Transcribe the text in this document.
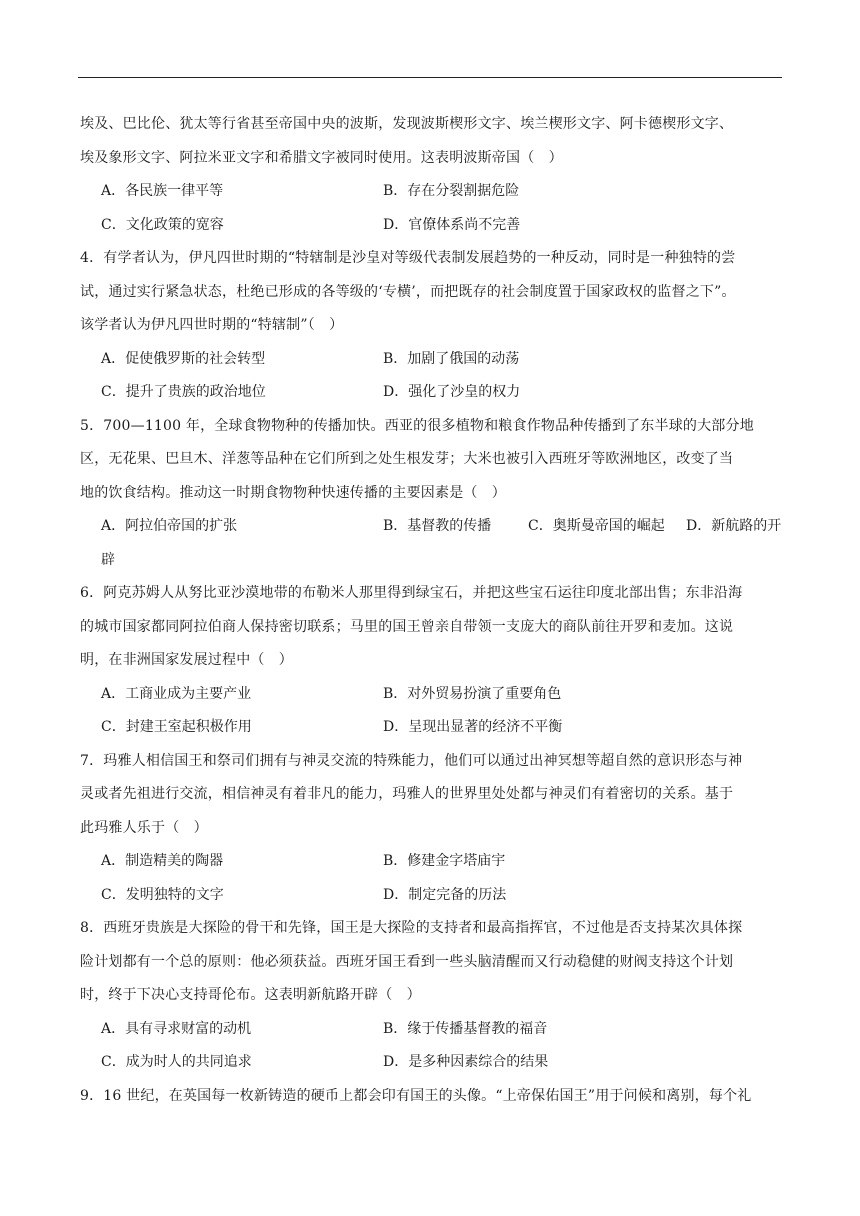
埃及、巴比伦、犹太等行省甚至帝国中央的波斯，发现波斯楔形文字、埃兰楔形文字、阿卡德楔形文字、

埃及象形文字、阿拉米亚文字和希腊文字被同时使用。这表明波斯帝国（　）

A．各民族一律平等	B．存在分裂割据危险
C．文化政策的宽容	D．官僚体系尚不完善

4．有学者认为，伊凡四世时期的“特辖制是沙皇对等级代表制发展趋势的一种反动，同时是一种独特的尝

试，通过实行紧急状态，杜绝已形成的各等级的‘专横’，而把既存的社会制度置于国家政权的监督之下”。

该学者认为伊凡四世时期的“特辖制”（　）

A．促使俄罗斯的社会转型	B．加剧了俄国的动荡
C．提升了贵族的政治地位	D．强化了沙皇的权力

5．700—1100 年，全球食物物种的传播加快。西亚的很多植物和粮食作物品种传播到了东半球的大部分地

区，无花果、巴旦木、洋葱等品种在它们所到之处生根发芽；大米也被引入西班牙等欧洲地区，改变了当

地的饮食结构。推动这一时期食物物种快速传播的主要因素是（　）

A．阿拉伯帝国的扩张	B．基督教的传播	C．奥斯曼帝国的崛起 D．新航路的开
辟

6．阿克苏姆人从努比亚沙漠地带的布勒米人那里得到绿宝石，并把这些宝石运往印度北部出售；东非沿海

的城市国家都同阿拉伯商人保持密切联系；马里的国王曾亲自带领一支庞大的商队前往开罗和麦加。这说

明，在非洲国家发展过程中（　）

A．工商业成为主要产业	B．对外贸易扮演了重要角色
C．封建王室起积极作用	D．呈现出显著的经济不平衡

7．玛雅人相信国王和祭司们拥有与神灵交流的特殊能力，他们可以通过出神冥想等超自然的意识形态与神

灵或者先祖进行交流，相信神灵有着非凡的能力，玛雅人的世界里处处都与神灵们有着密切的关系。基于

此玛雅人乐于（　）

A．制造精美的陶器	B．修建金字塔庙宇
C．发明独特的文字	D．制定完备的历法

8．西班牙贵族是大探险的骨干和先锋，国王是大探险的支持者和最高指挥官，不过他是否支持某次具体探

险计划都有一个总的原则：他必须获益。西班牙国王看到一些头脑清醒而又行动稳健的财阀支持这个计划

时，终于下决心支持哥伦布。这表明新航路开辟（　）

A．具有寻求财富的动机	B．缘于传播基督教的福音
C．成为时人的共同追求	D．是多种因素综合的结果

9．16 世纪，在英国每一枚新铸造的硬币上都会印有国王的头像。“上帝保佑国王”用于问候和离别，每个礼
